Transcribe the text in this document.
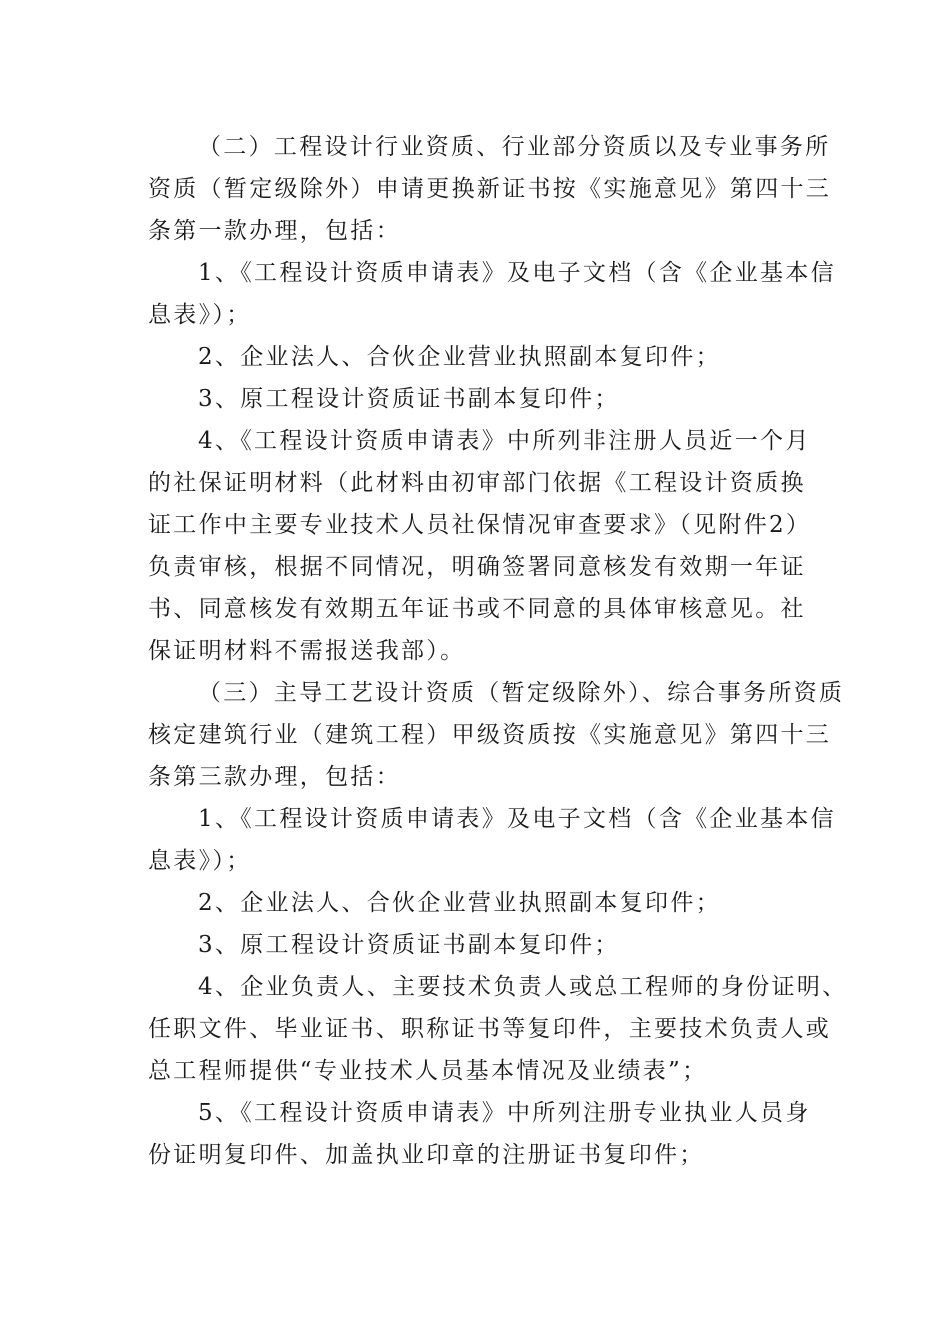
（二）工程设计行业资质、行业部分资质以及专业事务所
资质（暂定级除外）申请更换新证书按《实施意见》第四十三
条第一款办理，包括：
1、《工程设计资质申请表》及电子文档（含《企业基本信
息表》）；
2、企业法人、合伙企业营业执照副本复印件；
3、原工程设计资质证书副本复印件；
4、《工程设计资质申请表》中所列非注册人员近一个月
的社保证明材料（此材料由初审部门依据《工程设计资质换
证工作中主要专业技术人员社保情况审查要求》（见附件2）
负责审核，根据不同情况，明确签署同意核发有效期一年证
书、同意核发有效期五年证书或不同意的具体审核意见。社
保证明材料不需报送我部）。
（三）主导工艺设计资质（暂定级除外）、综合事务所资质
核定建筑行业（建筑工程）甲级资质按《实施意见》第四十三
条第三款办理，包括：
1、《工程设计资质申请表》及电子文档（含《企业基本信
息表》）；
2、企业法人、合伙企业营业执照副本复印件；
3、原工程设计资质证书副本复印件；
4、企业负责人、主要技术负责人或总工程师的身份证明、
任职文件、毕业证书、职称证书等复印件，主要技术负责人或
总工程师提供“专业技术人员基本情况及业绩表”；
5、《工程设计资质申请表》中所列注册专业执业人员身
份证明复印件、加盖执业印章的注册证书复印件；
